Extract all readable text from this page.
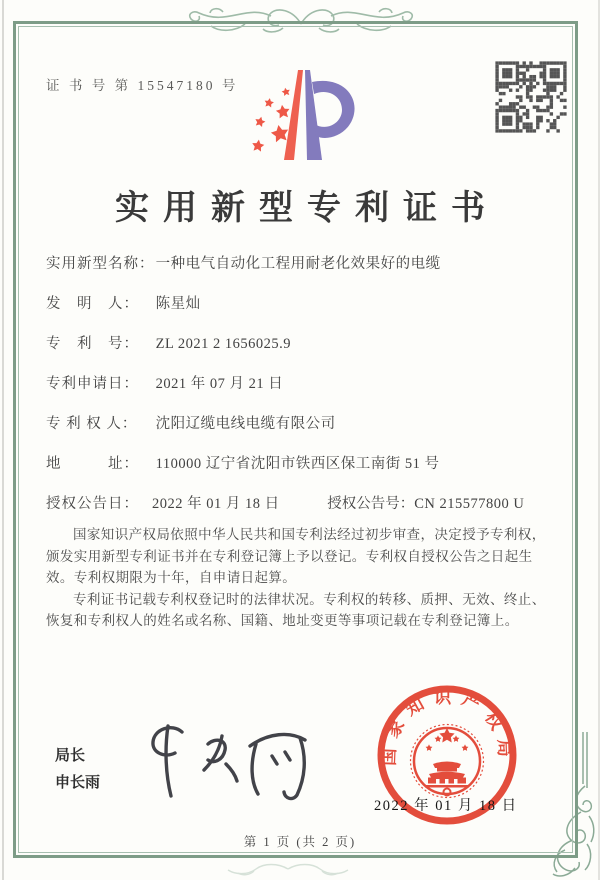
证 书 号 第 15547180 号
实用新型专利证书
实用新型名称： 一种电气自动化工程用耐老化效果好的电缆
发　明　人： 陈星灿
专　利　号： ZL 2021 2 1656025.9
专利申请日： 2021 年 07 月 21 日
专 利 权 人： 沈阳辽缆电线电缆有限公司
地　　　址： 110000 辽宁省沈阳市铁西区保工南街 51 号
授权公告日： 2022 年 01 月 18 日	授权公告号：CN 215577800 U

国家知识产权局依照中华人民共和国专利法经过初步审查，决定授予专利权，颁发实用新型专利证书并在专利登记簿上予以登记。专利权自授权公告之日起生效。专利权期限为十年，自申请日起算。

专利证书记载专利权登记时的法律状况。专利权的转移、质押、无效、终止、恢复和专利权人的姓名或名称、国籍、地址变更等事项记载在专利登记簿上。

局长
申长雨
国家知识产权局
2022 年 01 月 18 日
第 1 页 (共 2 页)
